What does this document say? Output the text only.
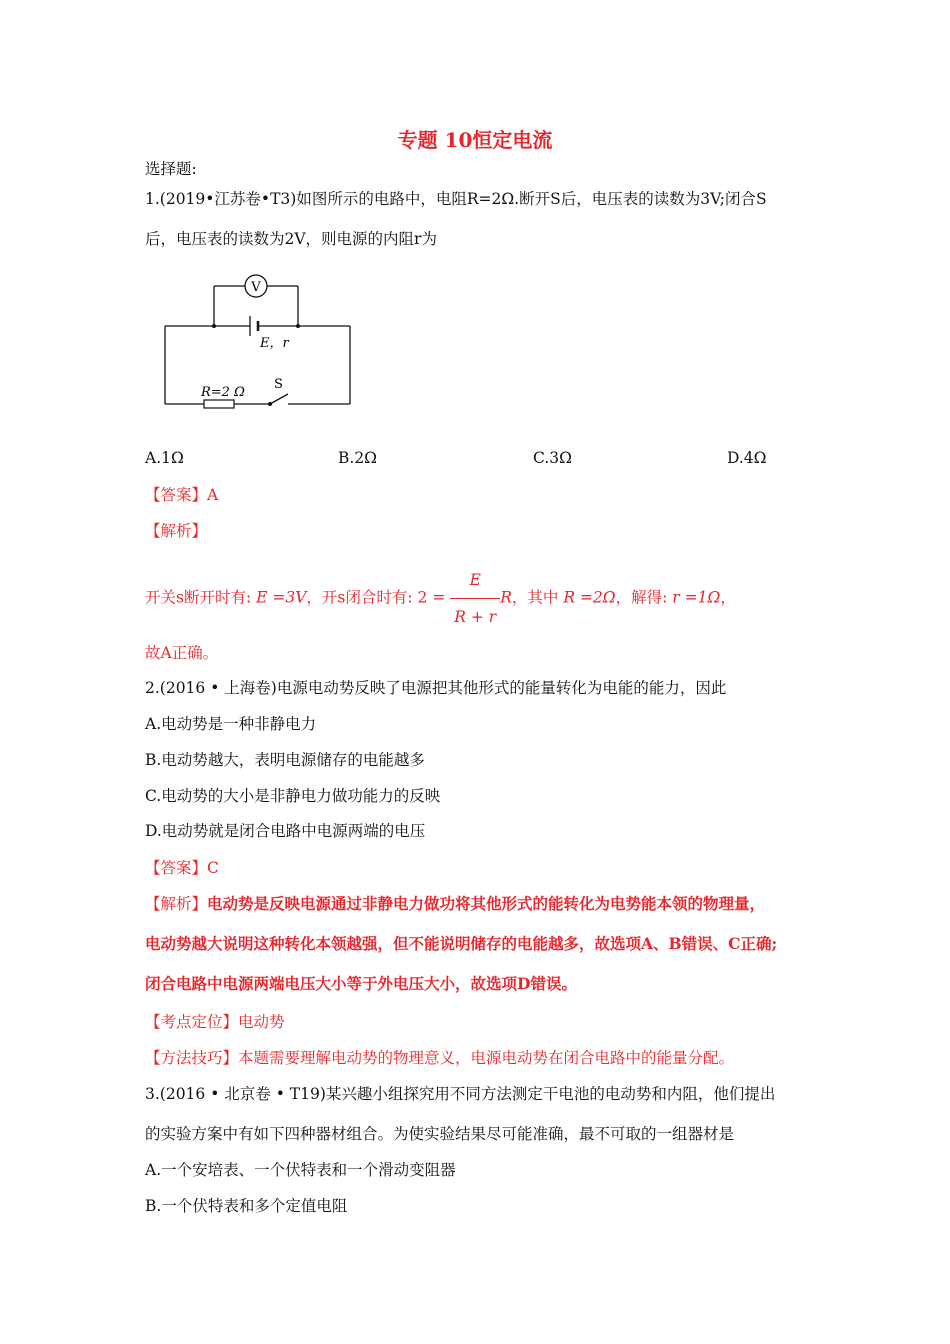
专题 10恒定电流
选择题:
1.(2019•江苏卷•T3)如图所示的电路中，电阻R=2Ω.断开S后，电压表的读数为3V;闭合S
后，电压表的读数为2V，则电源的内阻r为
V
E，r
R=2 Ω
S
A.1Ω	B.2Ω	C.3Ω	D.4Ω
【答案】A
【解析】
开关s断开时有: E =3V，开s闭合时有: $2 = \frac{E}{R + r}$ R，其中 R =2Ω，解得: r =1Ω，
故A正确。
2.(2016 • 上海卷)电源电动势反映了电源把其他形式的能量转化为电能的能力，因此
A.电动势是一种非静电力
B.电动势越大，表明电源储存的电能越多
C.电动势的大小是非静电力做功能力的反映
D.电动势就是闭合电路中电源两端的电压
【答案】C
【解析】电动势是反映电源通过非静电力做功将其他形式的能转化为电势能本领的物理量，
电动势越大说明这种转化本领越强，但不能说明储存的电能越多，故选项A、B错误、C正确;
闭合电路中电源两端电压大小等于外电压大小，故选项D错误。
【考点定位】电动势
【方法技巧】本题需要理解电动势的物理意义，电源电动势在闭合电路中的能量分配。
3.(2016 • 北京卷 • T19)某兴趣小组探究用不同方法测定干电池的电动势和内阻，他们提出
的实验方案中有如下四种器材组合。为使实验结果尽可能准确，最不可取的一组器材是
A.一个安培表、一个伏特表和一个滑动变阻器
B.一个伏特表和多个定值电阻
